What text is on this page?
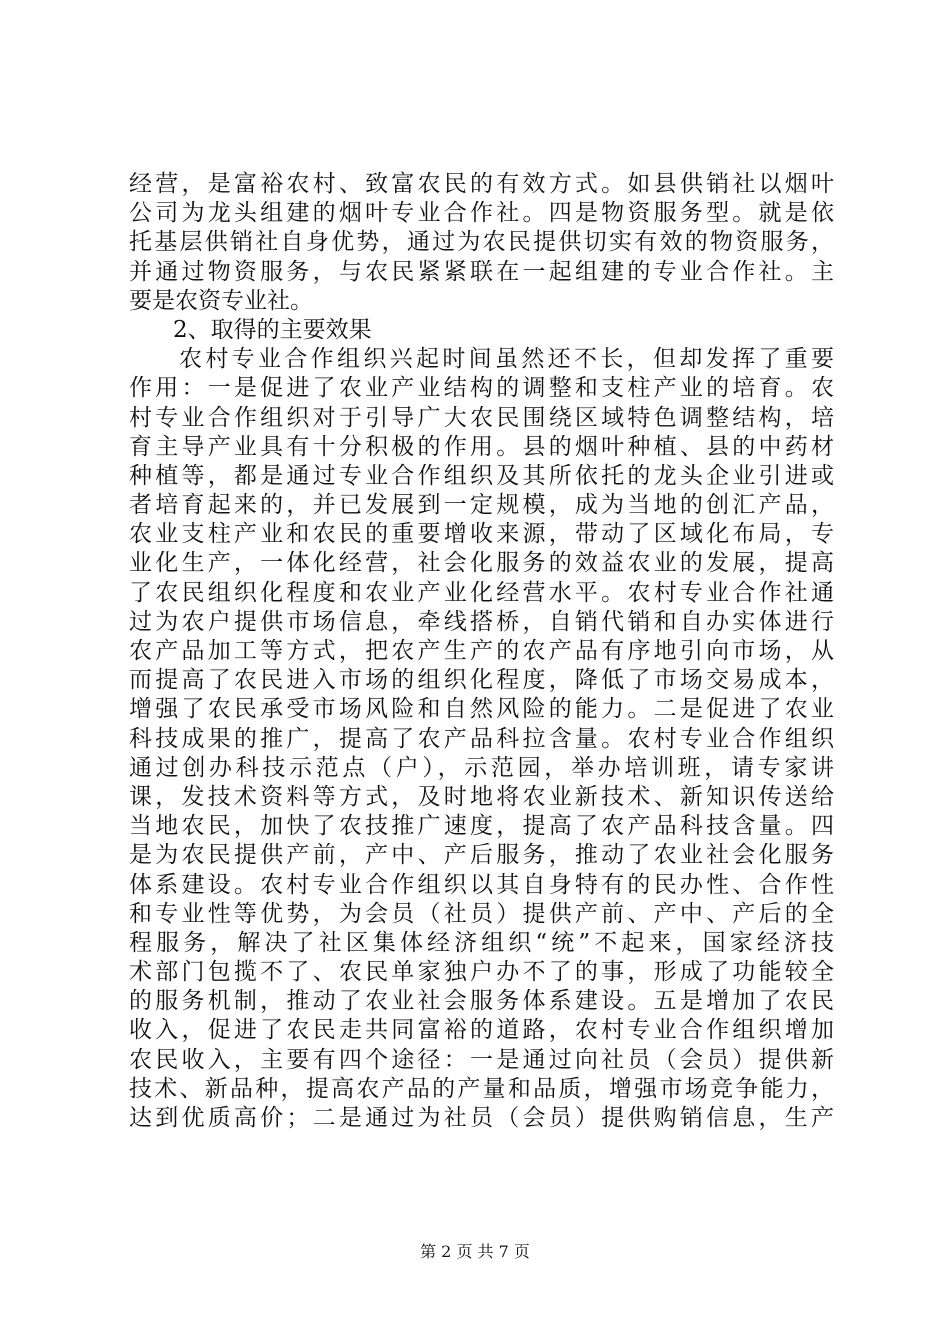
经营，是富裕农村、致富农民的有效方式。如县供销社以烟叶
公司为龙头组建的烟叶专业合作社。四是物资服务型。就是依
托基层供销社自身优势，通过为农民提供切实有效的物资服务，
并通过物资服务，与农民紧紧联在一起组建的专业合作社。主
要是农资专业社。
2、取得的主要效果
农村专业合作组织兴起时间虽然还不长，但却发挥了重要
作用：一是促进了农业产业结构的调整和支柱产业的培育。农
村专业合作组织对于引导广大农民围绕区域特色调整结构，培
育主导产业具有十分积极的作用。县的烟叶种植、县的中药材
种植等，都是通过专业合作组织及其所依托的龙头企业引进或
者培育起来的，并已发展到一定规模，成为当地的创汇产品，
农业支柱产业和农民的重要增收来源，带动了区域化布局，专
业化生产，一体化经营，社会化服务的效益农业的发展，提高
了农民组织化程度和农业产业化经营水平。农村专业合作社通
过为农户提供市场信息，牵线搭桥，自销代销和自办实体进行
农产品加工等方式，把农产生产的农产品有序地引向市场，从
而提高了农民进入市场的组织化程度，降低了市场交易成本，
增强了农民承受市场风险和自然风险的能力。二是促进了农业
科技成果的推广，提高了农产品科拉含量。农村专业合作组织
通过创办科技示范点（户），示范园，举办培训班，请专家讲
课，发技术资料等方式，及时地将农业新技术、新知识传送给
当地农民，加快了农技推广速度，提高了农产品科技含量。四
是为农民提供产前，产中、产后服务，推动了农业社会化服务
体系建设。农村专业合作组织以其自身特有的民办性、合作性
和专业性等优势，为会员（社员）提供产前、产中、产后的全
程服务，解决了社区集体经济组织“统”不起来，国家经济技
术部门包揽不了、农民单家独户办不了的事，形成了功能较全
的服务机制，推动了农业社会服务体系建设。五是增加了农民
收入，促进了农民走共同富裕的道路，农村专业合作组织增加
农民收入，主要有四个途径：一是通过向社员（会员）提供新
技术、新品种，提高农产品的产量和品质，增强市场竞争能力，
达到优质高价；二是通过为社员（会员）提供购销信息，生产
第 2 页 共 7 页
